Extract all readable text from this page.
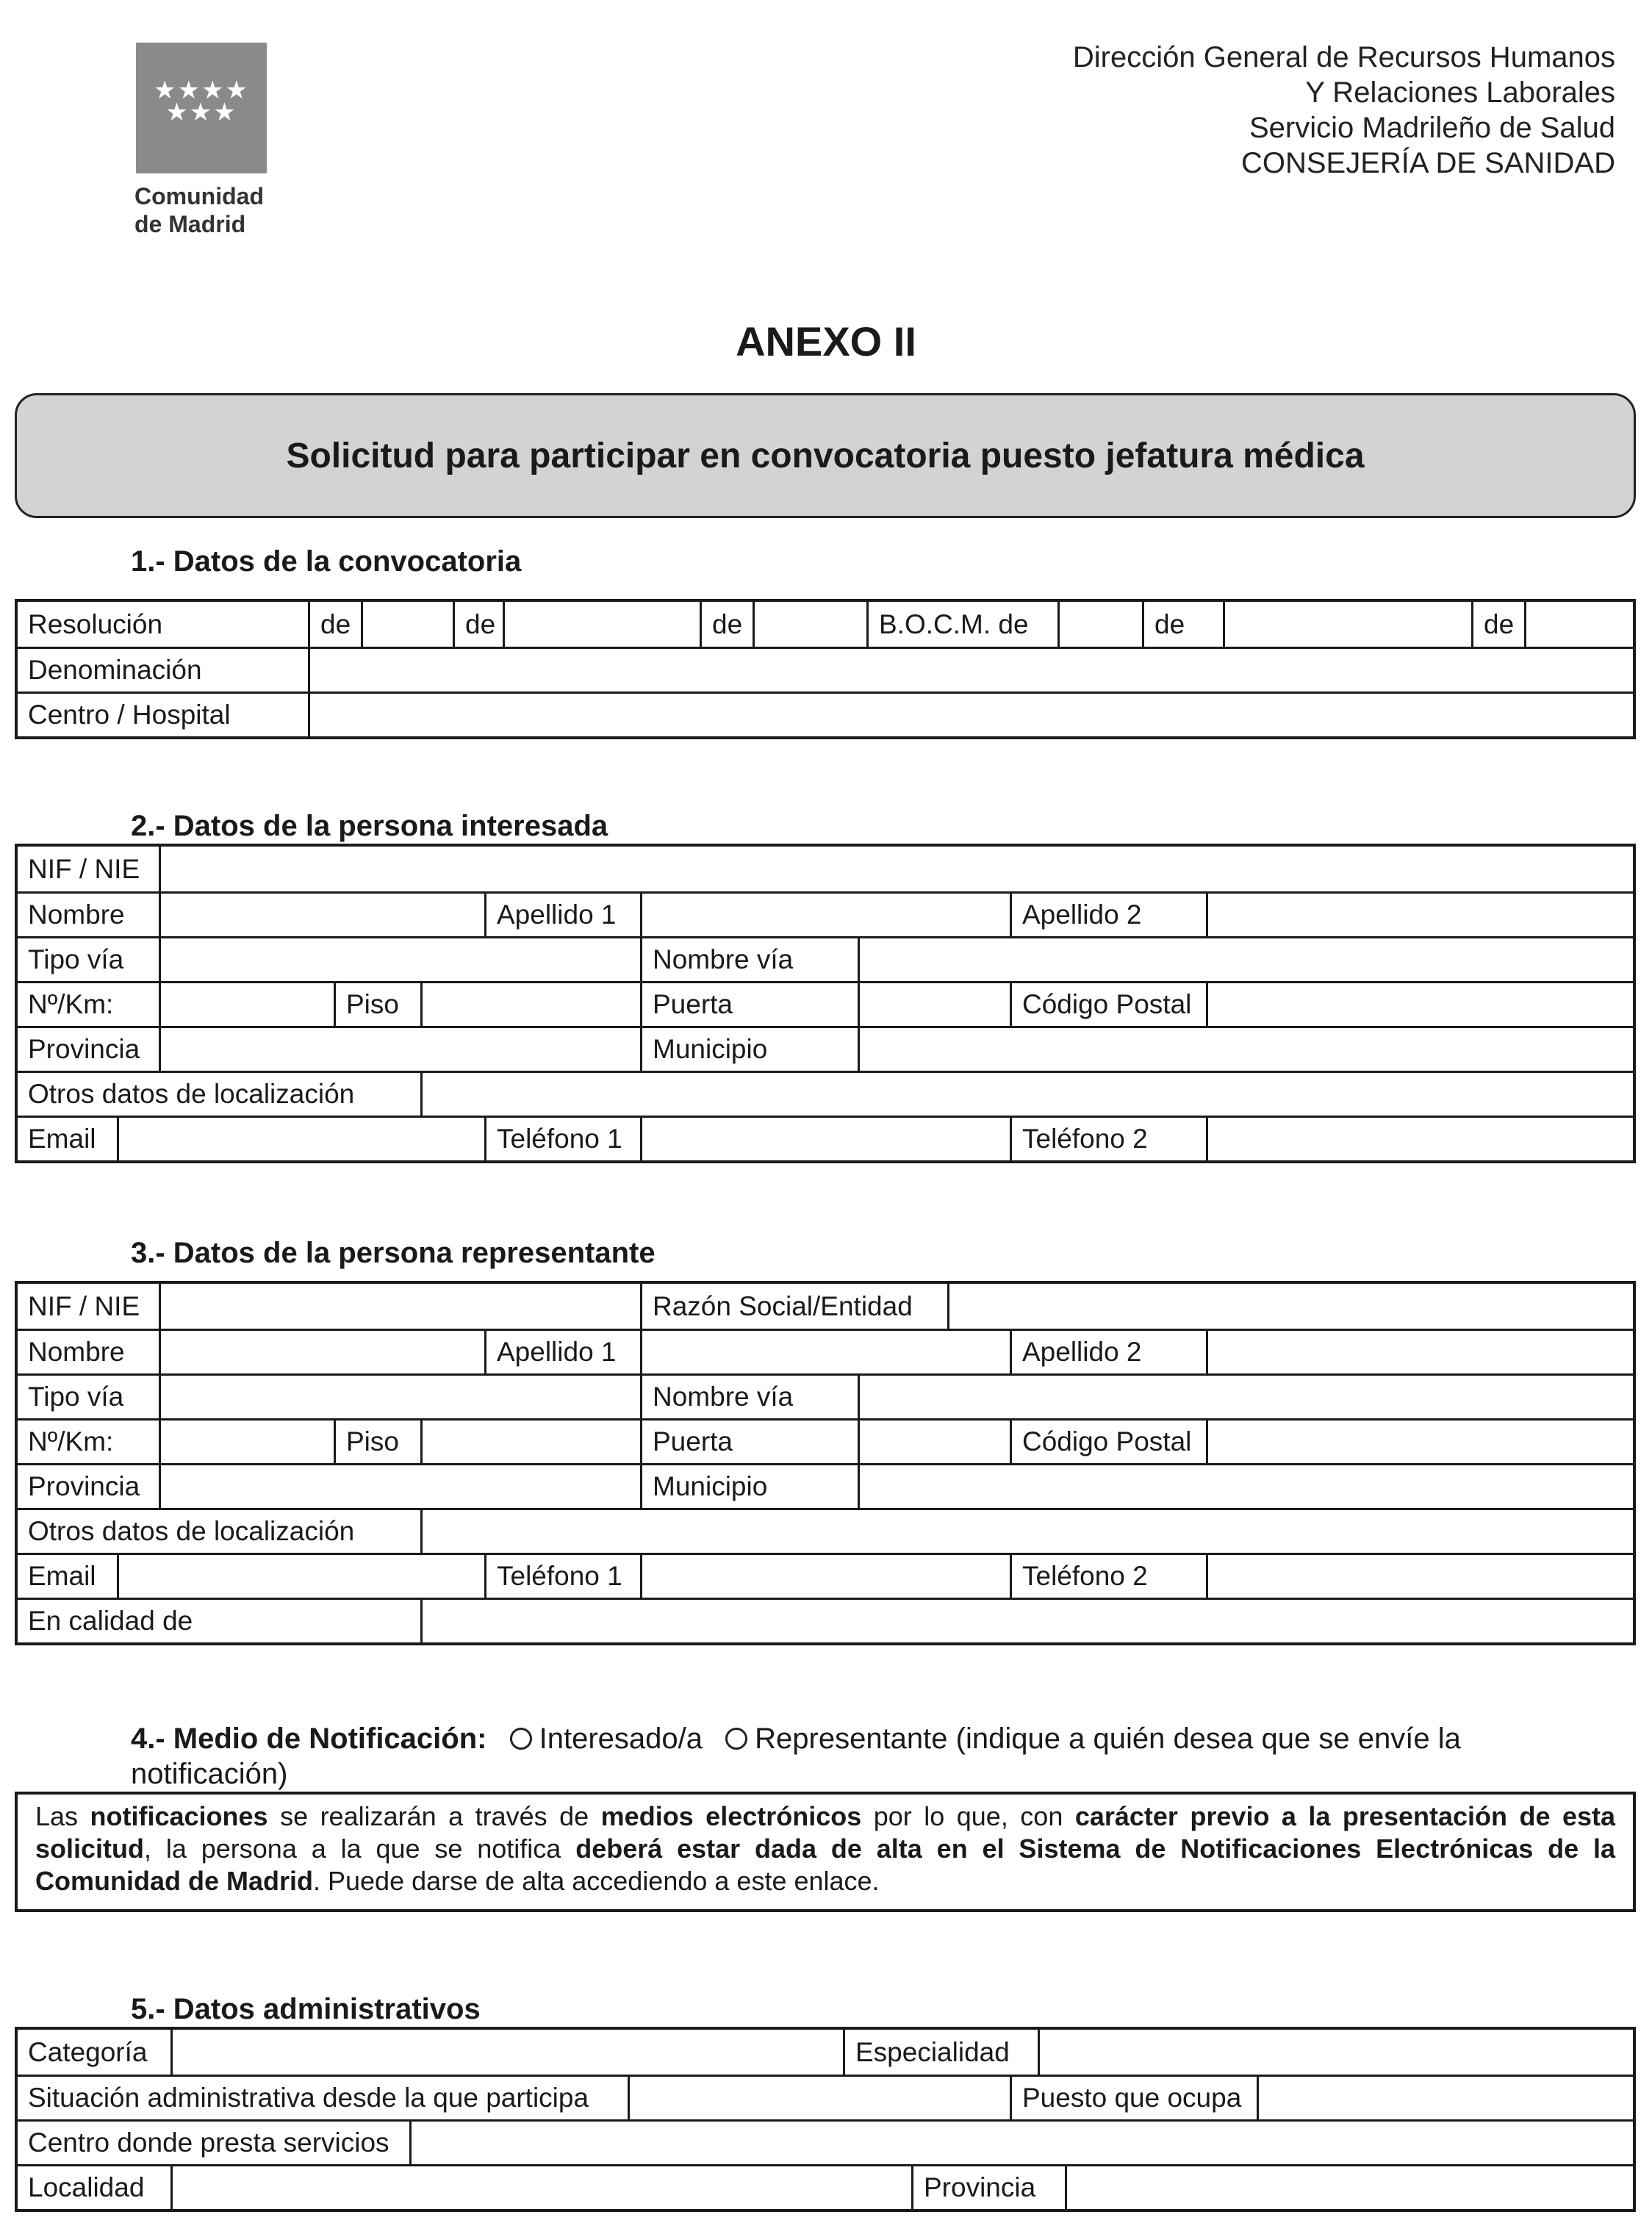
★★★★
★★★
Comunidad
de Madrid
Dirección General de Recursos Humanos
Y Relaciones Laborales
Servicio Madrileño de Salud
CONSEJERÍA DE SANIDAD
ANEXO II
Solicitud para participar en convocatoria puesto jefatura médica
1.- Datos de la convocatoria
Resolución	de	de	de	B.O.C.M. de	de	de
Denominación
Centro / Hospital
2.- Datos de la persona interesada
NIF / NIE
Nombre	Apellido 1	Apellido 2
Tipo vía	Nombre vía
Nº/Km:	Piso	Puerta	Código Postal
Provincia	Municipio
Otros datos de localización
Email	Teléfono 1	Teléfono 2
3.- Datos de la persona representante
NIF / NIE	Razón Social/Entidad
Nombre	Apellido 1	Apellido 2
Tipo vía	Nombre vía
Nº/Km:	Piso	Puerta	Código Postal
Provincia	Municipio
Otros datos de localización
Email	Teléfono 1	Teléfono 2
En calidad de
4.- Medio de Notificación: Interesado/a Representante (indique a quién desea que se envíe la notificación)
Las notificaciones se realizarán a través de medios electrónicos por lo que, con carácter previo a la presentación de esta solicitud, la persona a la que se notifica deberá estar dada de alta en el Sistema de Notificaciones Electrónicas de la Comunidad de Madrid. Puede darse de alta accediendo a este enlace.
5.- Datos administrativos
Categoría	Especialidad
Situación administrativa desde la que participa	Puesto que ocupa
Centro donde presta servicios
Localidad	Provincia
